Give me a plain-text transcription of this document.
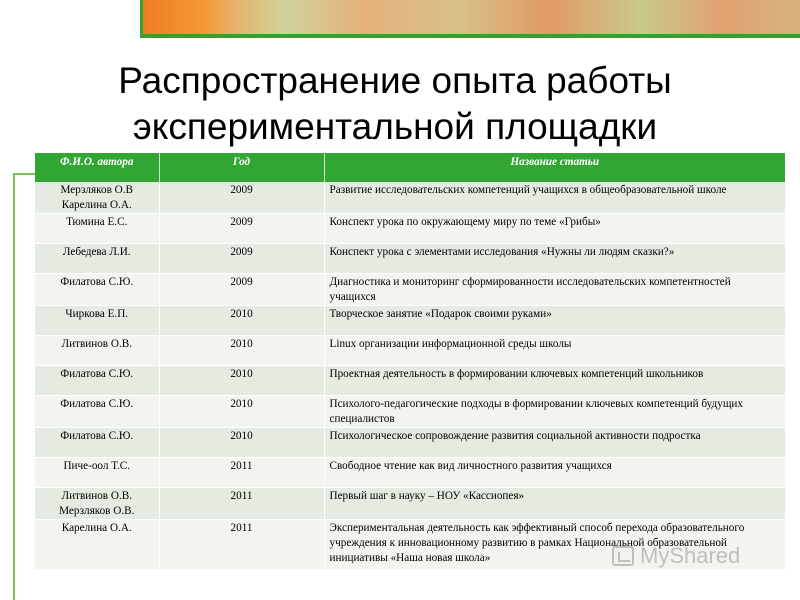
Распространение опыта работы
экспериментальной площадки
Ф.И.О. автора	Год	Название статьи
Мерзляков О.В
Карелина О.А.	2009	Развитие исследовательских компетенций учащихся в общеобразовательной школе
Тюмина Е.С.	2009	Конспект урока по окружающему миру по теме «Грибы»
Лебедева Л.И.	2009	Конспект урока с элементами исследования «Нужны ли людям сказки?»
Филатова С.Ю.	2009	Диагностика и мониторинг сформированности исследовательских компетентностей учащихся
Чиркова Е.П.	2010	Творческое занятие «Подарок своими руками»
Литвинов О.В.	2010	Linux организации информационной среды школы
Филатова С.Ю.	2010	Проектная деятельность в формировании ключевых компетенций школьников
Филатова С.Ю.	2010	Психолого-педагогические подходы в формировании ключевых компетенций будущих специалистов
Филатова С.Ю.	2010	Психологическое сопровождение развития социальной активности подростка
Пиче-оол Т.С.	2011	Свободное чтение как вид личностного развития учащихся
Литвинов О.В.
Мерзляков О.В.	2011	Первый шаг в науку – НОУ «Кассиопея»
Карелина О.А.	2011	Экспериментальная деятельность как эффективный способ перехода образовательного учреждения к инновационному развитию в рамках Национальной образовательной инициативы «Наша новая школа»	MyShared
